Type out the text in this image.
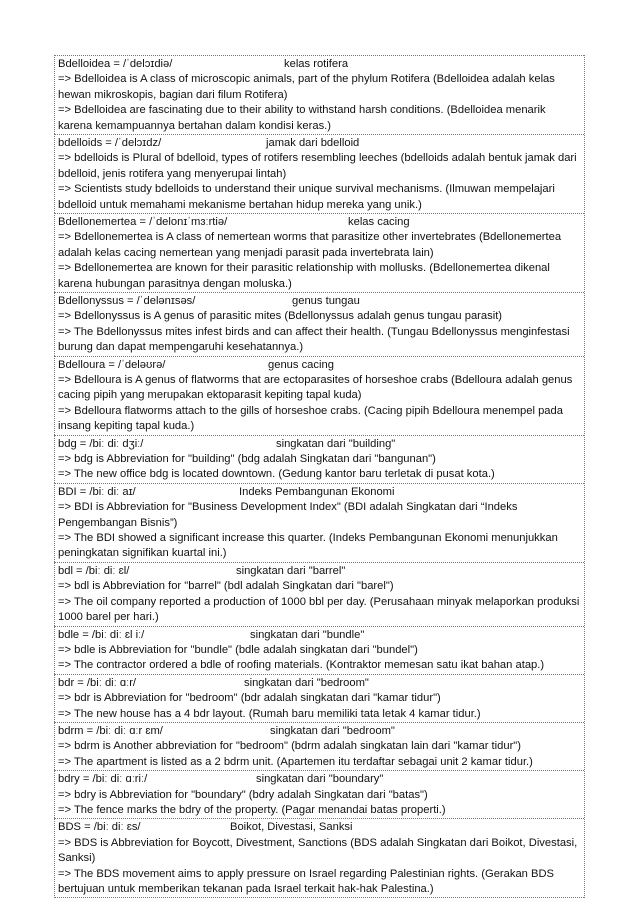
Bdelloidea = /ˈdelɔɪdiə/	kelas rotifera
=> Bdelloidea is A class of microscopic animals, part of the phylum Rotifera (Bdelloidea adalah kelas hewan mikroskopis, bagian dari filum Rotifera)
=> Bdelloidea are fascinating due to their ability to withstand harsh conditions. (Bdelloidea menarik karena kemampuannya bertahan dalam kondisi keras.)
bdelloids = /ˈdelɔɪdz/	jamak dari bdelloid
=> bdelloids is Plural of bdelloid, types of rotifers resembling leeches (bdelloids adalah bentuk jamak dari bdelloid, jenis rotifera yang menyerupai lintah)
=> Scientists study bdelloids to understand their unique survival mechanisms. (Ilmuwan mempelajari bdelloid untuk memahami mekanisme bertahan hidup mereka yang unik.)
Bdellonemertea = /ˈdelonɪˈmɜːrtiə/	kelas cacing
=> Bdellonemertea is A class of nemertean worms that parasitize other invertebrates (Bdellonemertea adalah kelas cacing nemertean yang menjadi parasit pada invertebrata lain)
=> Bdellonemertea are known for their parasitic relationship with mollusks. (Bdellonemertea dikenal karena hubungan parasitnya dengan moluska.)
Bdellonyssus = /ˈdelənɪsəs/	genus tungau
=> Bdellonyssus is A genus of parasitic mites (Bdellonyssus adalah genus tungau parasit)
=> The Bdellonyssus mites infest birds and can affect their health. (Tungau Bdellonyssus menginfestasi burung dan dapat mempengaruhi kesehatannya.)
Bdelloura = /ˈdeləʊrə/	genus cacing
=> Bdelloura is A genus of flatworms that are ectoparasites of horseshoe crabs (Bdelloura adalah genus cacing pipih yang merupakan ektoparasit kepiting tapal kuda)
=> Bdelloura flatworms attach to the gills of horseshoe crabs. (Cacing pipih Bdelloura menempel pada insang kepiting tapal kuda.)
bdg = /biː diː dʒiː/	singkatan dari "building"
=> bdg is Abbreviation for "building" (bdg adalah Singkatan dari "bangunan")
=> The new office bdg is located downtown. (Gedung kantor baru terletak di pusat kota.)
BDI = /biː diː aɪ/	Indeks Pembangunan Ekonomi
=> BDI is Abbreviation for "Business Development Index" (BDI adalah Singkatan dari “Indeks Pengembangan Bisnis”)
=> The BDI showed a significant increase this quarter. (Indeks Pembangunan Ekonomi menunjukkan peningkatan signifikan kuartal ini.)
bdl = /biː diː ɛl/	singkatan dari "barrel"
=> bdl is Abbreviation for "barrel" (bdl adalah Singkatan dari "barel")
=> The oil company reported a production of 1000 bbl per day. (Perusahaan minyak melaporkan produksi 1000 barel per hari.)
bdle = /biː diː ɛl iː/	singkatan dari "bundle"
=> bdle is Abbreviation for "bundle" (bdle adalah singkatan dari "bundel")
=> The contractor ordered a bdle of roofing materials. (Kontraktor memesan satu ikat bahan atap.)
bdr = /biː diː ɑːr/	singkatan dari "bedroom"
=> bdr is Abbreviation for "bedroom" (bdr adalah singkatan dari "kamar tidur")
=> The new house has a 4 bdr layout. (Rumah baru memiliki tata letak 4 kamar tidur.)
bdrm = /biː diː ɑːr ɛm/	singkatan dari "bedroom"
=> bdrm is Another abbreviation for "bedroom" (bdrm adalah singkatan lain dari "kamar tidur")
=> The apartment is listed as a 2 bdrm unit. (Apartemen itu terdaftar sebagai unit 2 kamar tidur.)
bdry = /biː diː ɑːriː/	singkatan dari "boundary"
=> bdry is Abbreviation for "boundary" (bdry adalah Singkatan dari "batas")
=> The fence marks the bdry of the property. (Pagar menandai batas properti.)
BDS = /biː diː ɛs/	Boikot, Divestasi, Sanksi
=> BDS is Abbreviation for Boycott, Divestment, Sanctions (BDS adalah Singkatan dari Boikot, Divestasi, Sanksi)
=> The BDS movement aims to apply pressure on Israel regarding Palestinian rights. (Gerakan BDS bertujuan untuk memberikan tekanan pada Israel terkait hak-hak Palestina.)
